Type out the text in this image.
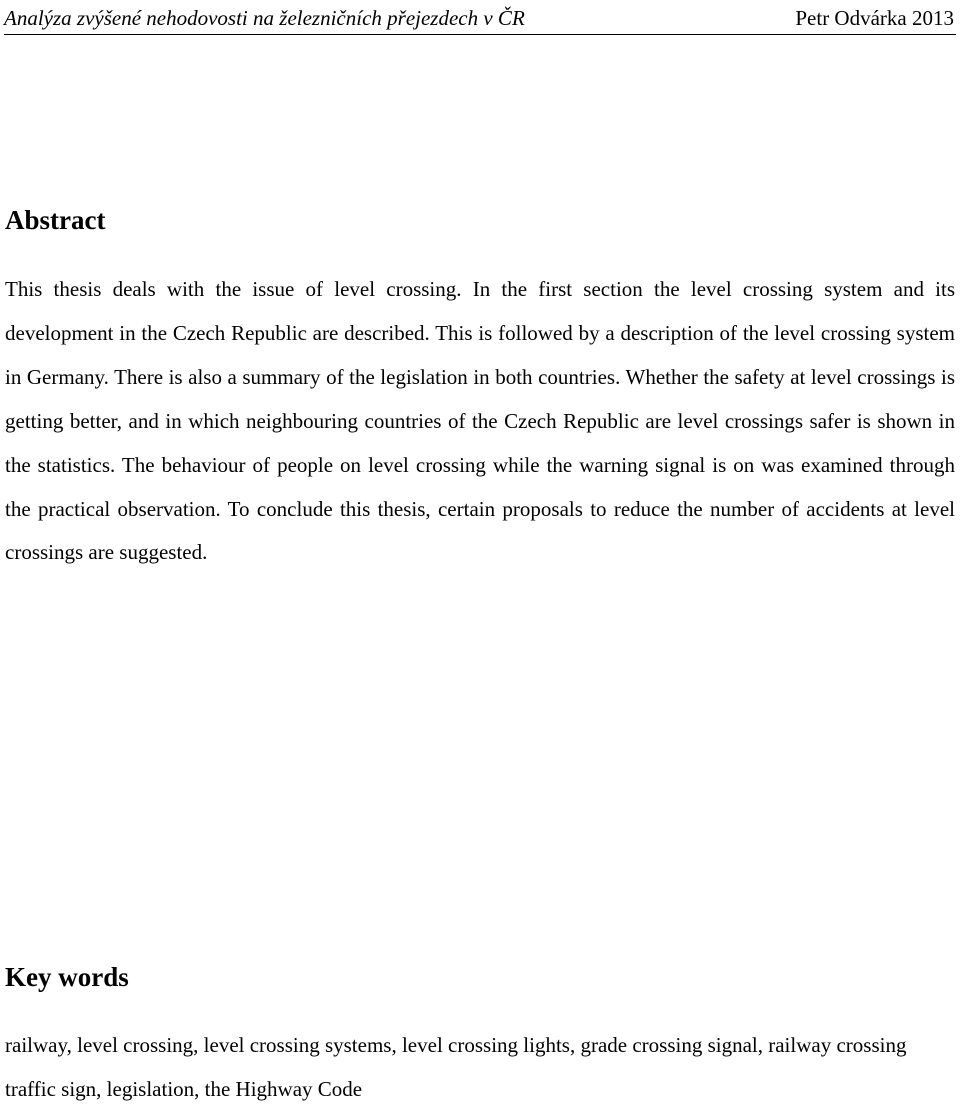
Analýza zvýšené nehodovosti na železničních přejezdech v ČR	Petr Odvárka 2013
Abstract

This thesis deals with the issue of level crossing. In the first section the level crossing system and its development in the Czech Republic are described. This is followed by a description of the level crossing system in Germany. There is also a summary of the legislation in both countries. Whether the safety at level crossings is getting better, and in which neighbouring countries of the Czech Republic are level crossings safer is shown in the statistics. The behaviour of people on level crossing while the warning signal is on was examined through the practical observation. To conclude this thesis, certain proposals to reduce the number of accidents at level crossings are suggested.

Key words

railway, level crossing, level crossing systems, level crossing lights, grade crossing signal, railway crossing traffic sign, legislation, the Highway Code
